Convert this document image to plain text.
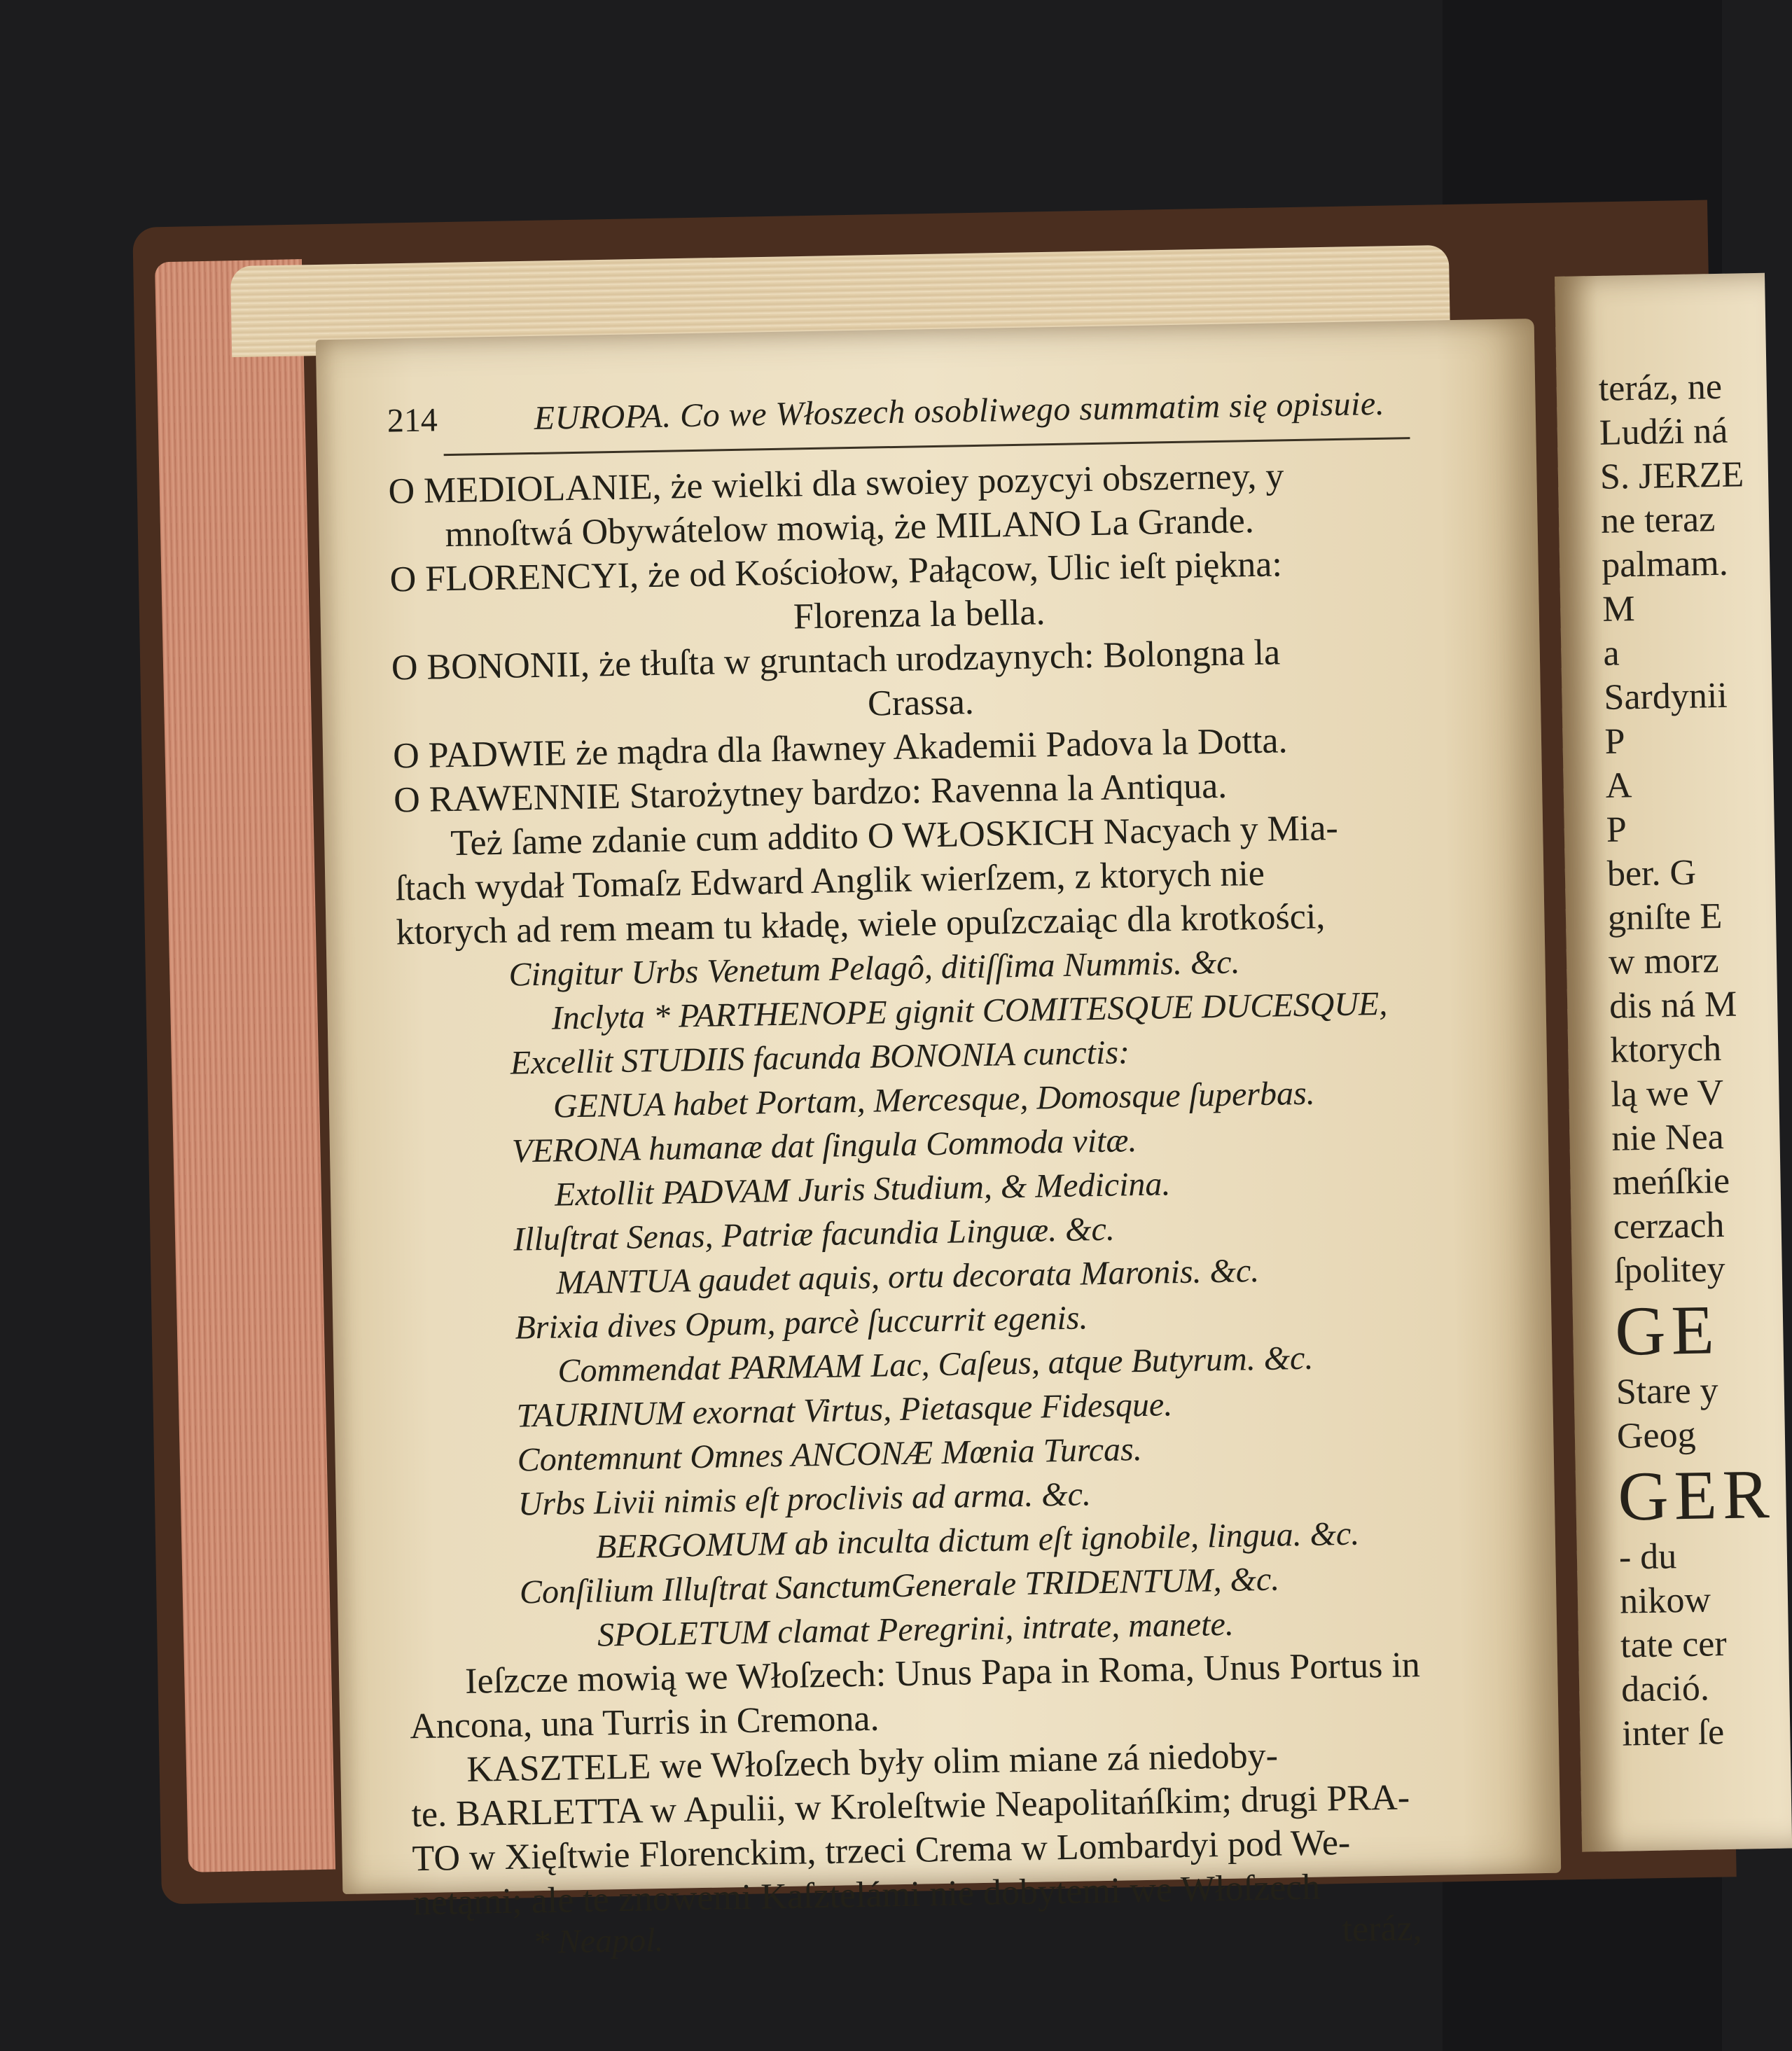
teráz, ne
Ludźi ná
S. JERZE
ne teraz
palmam.
M
a
Sardynii
P
A
P
ber. G
gniſte E
w morz
dis ná M
ktorych
lą we V
nie Nea
meńſkie
cerzach
ſpolitey
GE
Stare y
Geog
GER
- du
nikow
tate cer
dació.
inter ſe
214	EUROPA. Co we Włoszech osobliwego summatim się opisuie.
O MEDIOLANIE, że wielki dla swoiey pozycyi obszerney, y
mnoſtwá Obywátelow mowią, że MILANO La Grande.
O FLORENCYI, że od Kościołow, Pałącow, Ulic ieſt piękna:
Florenza la bella.
O BONONII, że tłuſta w gruntach urodzaynych: Bolongna la
Crassa.
O PADWIE że mądra dla ſławney Akademii Padova la Dotta.
O RAWENNIE Starożytney bardzo: Ravenna la Antiqua.
Też ſame zdanie cum addito O WŁOSKICH Nacyach y Mia-
ſtach wydał Tomaſz Edward Anglik wierſzem, z ktorych nie
ktorych ad rem meam tu kładę, wiele opuſzczaiąc dla krotkości,
Cingitur Urbs Venetum Pelagô, ditiſſima Nummis. &c.
Inclyta * PARTHENOPE gignit COMITESQUE DUCESQUE,
Excellit STUDIIS facunda BONONIA cunctis:
GENUA habet Portam, Mercesque, Domosque ſuperbas.
VERONA humanæ dat ſingula Commoda vitæ.
Extollit PADVAM Juris Studium, & Medicina.
Illuſtrat Senas, Patriæ facundia Linguæ. &c.
MANTUA gaudet aquis, ortu decorata Maronis. &c.
Brixia dives Opum, parcè ſuccurrit egenis.
Commendat PARMAM Lac, Caſeus, atque Butyrum. &c.
TAURINUM exornat Virtus, Pietasque Fidesque.
Contemnunt Omnes ANCONÆ Mœnia Turcas.
Urbs Livii nimis eſt proclivis ad arma. &c.
BERGOMUM ab inculta dictum eſt ignobile, lingua. &c.
Conſilium Illuſtrat SanctumGenerale TRIDENTUM, &c.
SPOLETUM clamat Peregrini, intrate, manete.
Ieſzcze mowią we Włoſzech: Unus Papa in Roma, Unus Portus in
Ancona, una Turris in Cremona.
KASZTELE we Włoſzech były olim miane zá niedoby-
te. BARLETTA w Apulii, w Kroleſtwie Neapolitańſkim; drugi PRA-
TO w Xięſtwie Florenckim, trzeci Crema w Lombardyi pod We-
netąmi; ale te znowemi Kaſztelámi nie dobytemi we Włoſzech
* Neapol.	teráz,
